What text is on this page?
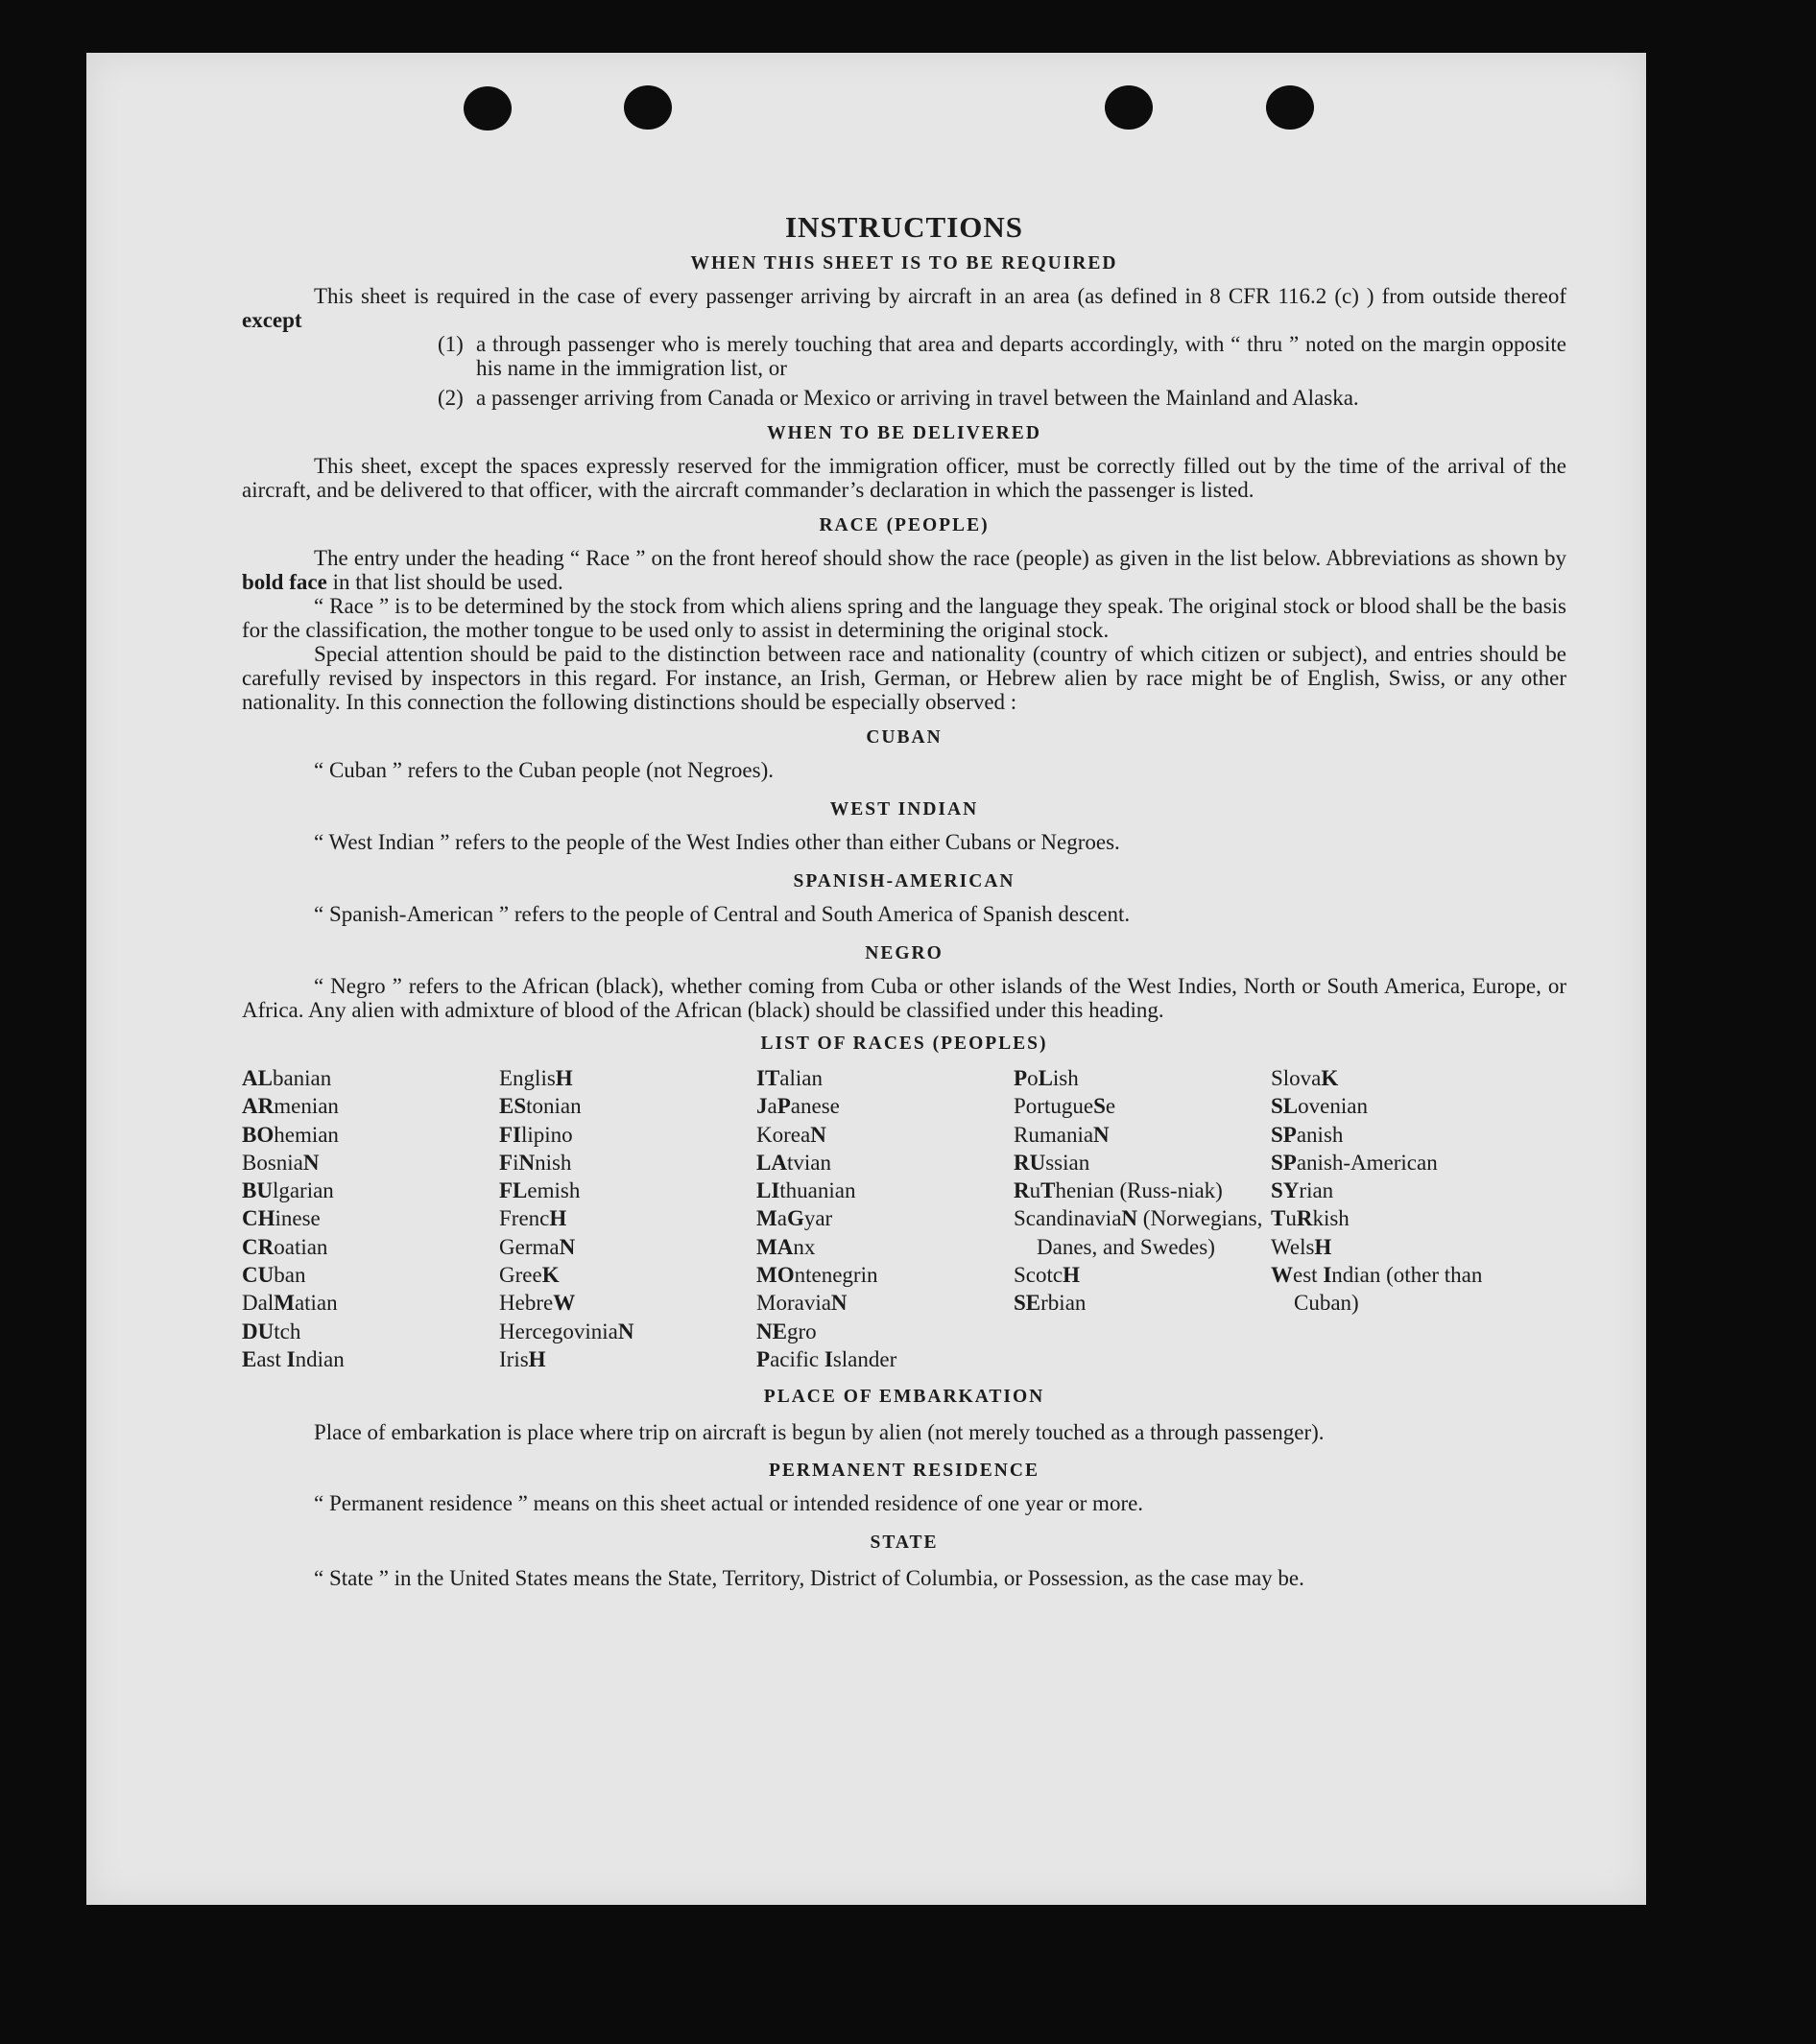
INSTRUCTIONS
WHEN THIS SHEET IS TO BE REQUIRED

This sheet is required in the case of every passenger arriving by aircraft in an area (as defined in 8 CFR 116.2 (c) ) from outside thereof except

(1) a through passenger who is merely touching that area and departs accordingly, with “ thru ” noted on the margin opposite his name in the immigration list, or

(2) a passenger arriving from Canada or Mexico or arriving in travel between the Mainland and Alaska.

WHEN TO BE DELIVERED

This sheet, except the spaces expressly reserved for the immigration officer, must be correctly filled out by the time of the arrival of the aircraft, and be delivered to that officer, with the aircraft commander’s declaration in which the passenger is listed.

RACE (PEOPLE)

The entry under the heading “ Race ” on the front hereof should show the race (people) as given in the list below. Abbreviations as shown by bold face in that list should be used.

“ Race ” is to be determined by the stock from which aliens spring and the language they speak. The original stock or blood shall be the basis for the classification, the mother tongue to be used only to assist in determining the original stock.

Special attention should be paid to the distinction between race and nationality (country of which citizen or subject), and entries should be carefully revised by inspectors in this regard. For instance, an Irish, German, or Hebrew alien by race might be of English, Swiss, or any other nationality. In this connection the following distinctions should be especially observed :

CUBAN

“ Cuban ” refers to the Cuban people (not Negroes).

WEST INDIAN

“ West Indian ” refers to the people of the West Indies other than either Cubans or Negroes.

SPANISH-AMERICAN

“ Spanish-American ” refers to the people of Central and South America of Spanish descent.

NEGRO

“ Negro ” refers to the African (black), whether coming from Cuba or other islands of the West Indies, North or South America, Europe, or Africa. Any alien with admixture of blood of the African (black) should be classified under this heading.

LIST OF RACES (PEOPLES)
ALbanian
ARmenian
BOhemian
BosniaN
BUlgarian
CHinese
CRoatian
CUban
DalMatian
DUtch
East Indian
EnglisH
EStonian
FIlipino
FiNnish
FLemish
FrencH
GermaN
GreeK
HebreW
HercegoviniaN
IrisH
ITalian
JaPanese
KoreaN
LAtvian
LIthuanian
MaGyar
MAnx
MOntenegrin
MoraviaN
NEgro
Pacific Islander
PoLish
PortugueSe
RumaniaN
RUssian
RuThenian (Russ-niak)
ScandinaviaN (Norwegians, Danes, and Swedes)
ScotcH
SErbian
SlovaK
SLovenian
SPanish
SPanish-American
SYrian
TuRkish
WelsH
West Indian (other than Cuban)
PLACE OF EMBARKATION

Place of embarkation is place where trip on aircraft is begun by alien (not merely touched as a through passenger).

PERMANENT RESIDENCE

“ Permanent residence ” means on this sheet actual or intended residence of one year or more.

STATE

“ State ” in the United States means the State, Territory, District of Columbia, or Possession, as the case may be.
